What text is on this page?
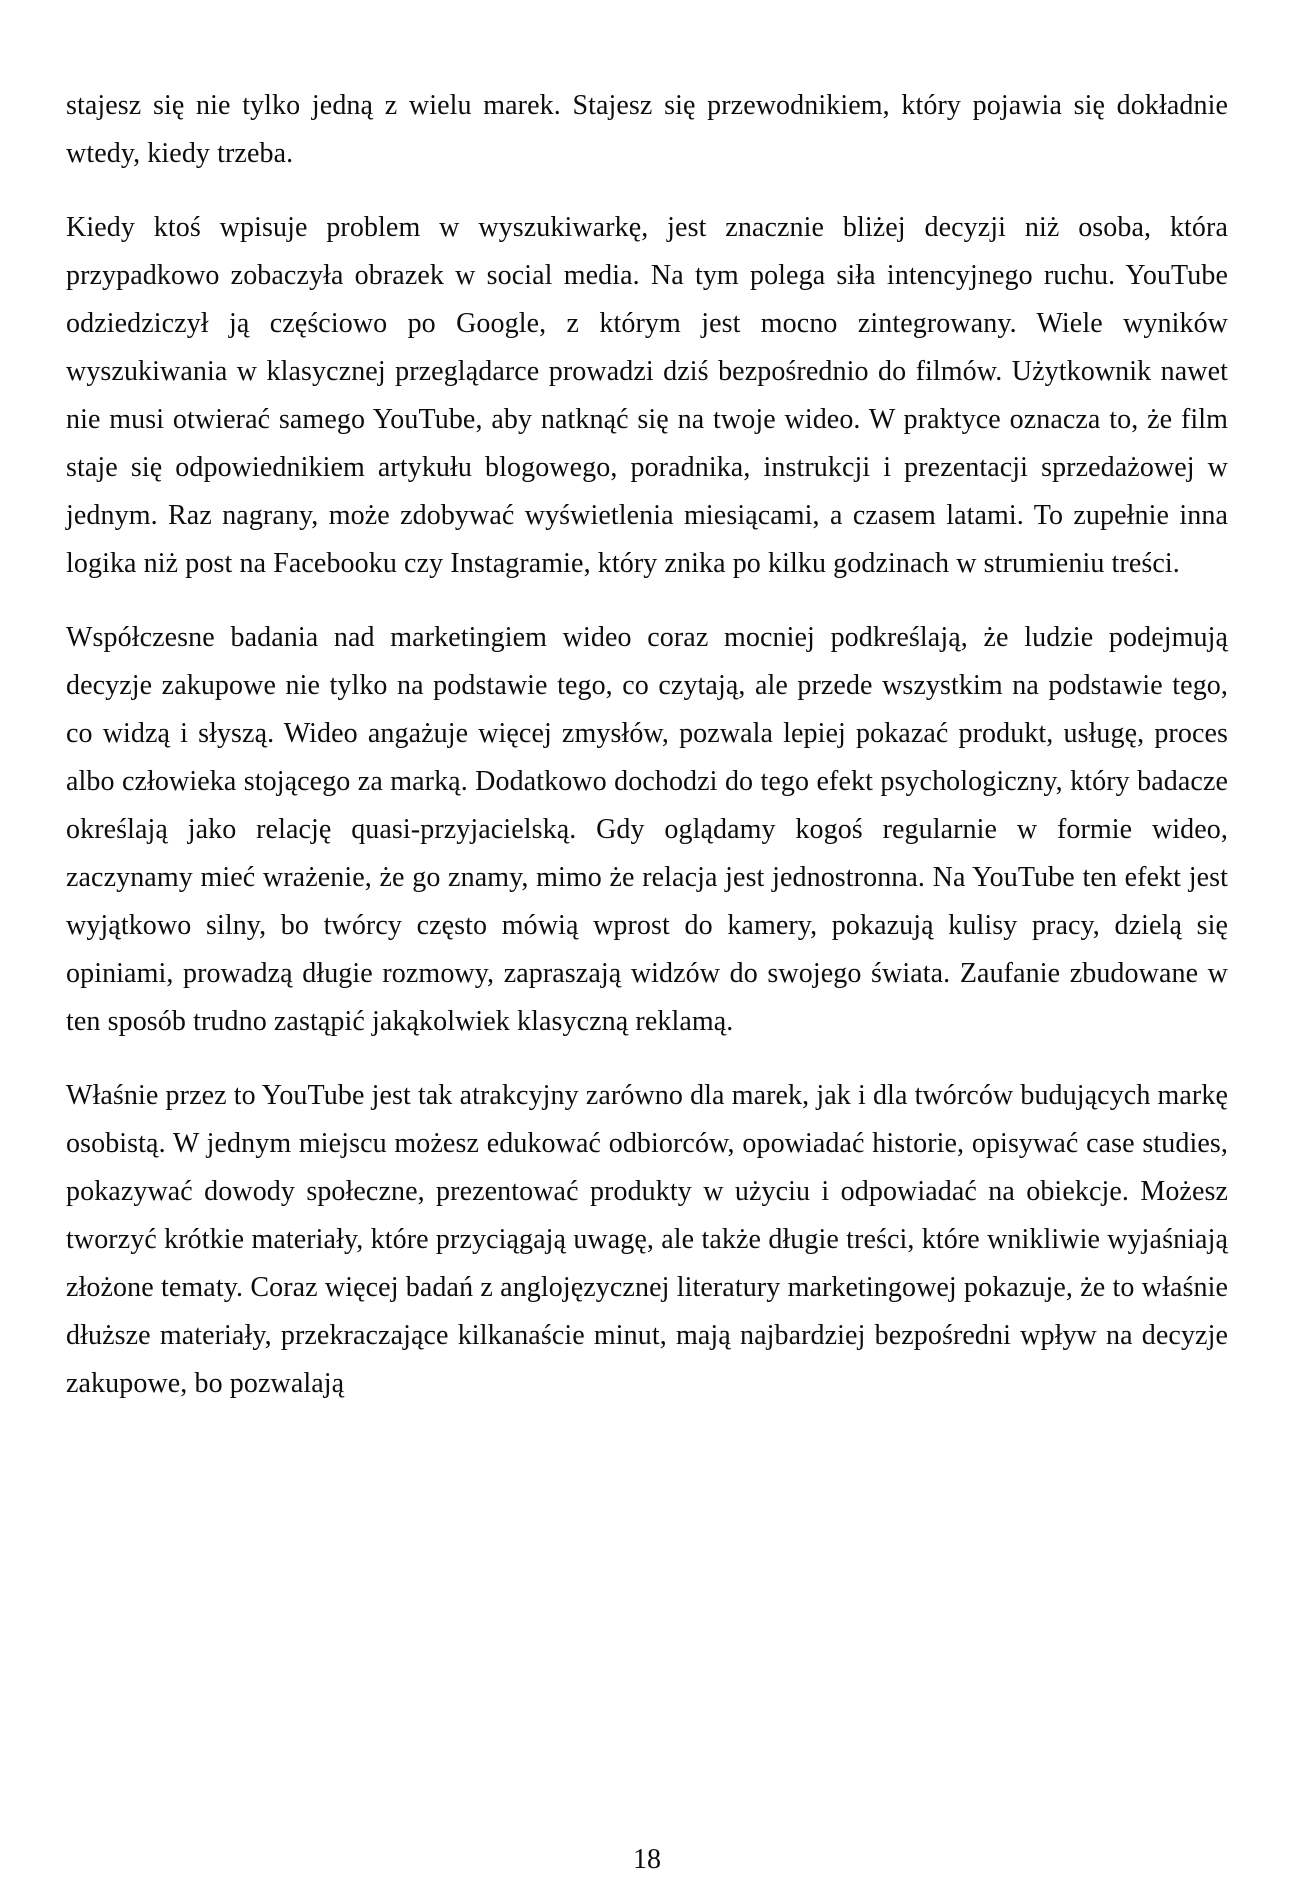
stajesz się nie tylko jedną z wielu marek. Stajesz się przewodnikiem, który pojawia się dokładnie wtedy, kiedy trzeba.

Kiedy ktoś wpisuje problem w wyszukiwarkę, jest znacznie bliżej decyzji niż osoba, która przypadkowo zobaczyła obrazek w social media. Na tym polega siła intencyjnego ruchu. YouTube odziedziczył ją częściowo po Google, z którym jest mocno zintegrowany. Wiele wyników wyszukiwania w klasycznej przeglądarce prowadzi dziś bezpośrednio do filmów. Użytkownik nawet nie musi otwierać samego YouTube, aby natknąć się na twoje wideo. W praktyce oznacza to, że film staje się odpowiednikiem artykułu blogowego, poradnika, instrukcji i prezentacji sprzedażowej w jednym. Raz nagrany, może zdobywać wyświetlenia miesiącami, a czasem latami. To zupełnie inna logika niż post na Facebooku czy Instagramie, który znika po kilku godzinach w strumieniu treści.

Współczesne badania nad marketingiem wideo coraz mocniej podkreślają, że ludzie podejmują decyzje zakupowe nie tylko na podstawie tego, co czytają, ale przede wszystkim na podstawie tego, co widzą i słyszą. Wideo angażuje więcej zmysłów, pozwala lepiej pokazać produkt, usługę, proces albo człowieka stojącego za marką. Dodatkowo dochodzi do tego efekt psychologiczny, który badacze określają jako relację quasi-przyjacielską. Gdy oglądamy kogoś regularnie w formie wideo, zaczynamy mieć wrażenie, że go znamy, mimo że relacja jest jednostronna. Na YouTube ten efekt jest wyjątkowo silny, bo twórcy często mówią wprost do kamery, pokazują kulisy pracy, dzielą się opiniami, prowadzą długie rozmowy, zapraszają widzów do swojego świata. Zaufanie zbudowane w ten sposób trudno zastąpić jakąkolwiek klasyczną reklamą.

Właśnie przez to YouTube jest tak atrakcyjny zarówno dla marek, jak i dla twórców budujących markę osobistą. W jednym miejscu możesz edukować odbiorców, opowiadać historie, opisywać case studies, pokazywać dowody społeczne, prezentować produkty w użyciu i odpowiadać na obiekcje. Możesz tworzyć krótkie materiały, które przyciągają uwagę, ale także długie treści, które wnikliwie wyjaśniają złożone tematy. Coraz więcej badań z anglojęzycznej literatury marketingowej pokazuje, że to właśnie dłuższe materiały, przekraczające kilkanaście minut, mają najbardziej bezpośredni wpływ na decyzje zakupowe, bo pozwalają

18
